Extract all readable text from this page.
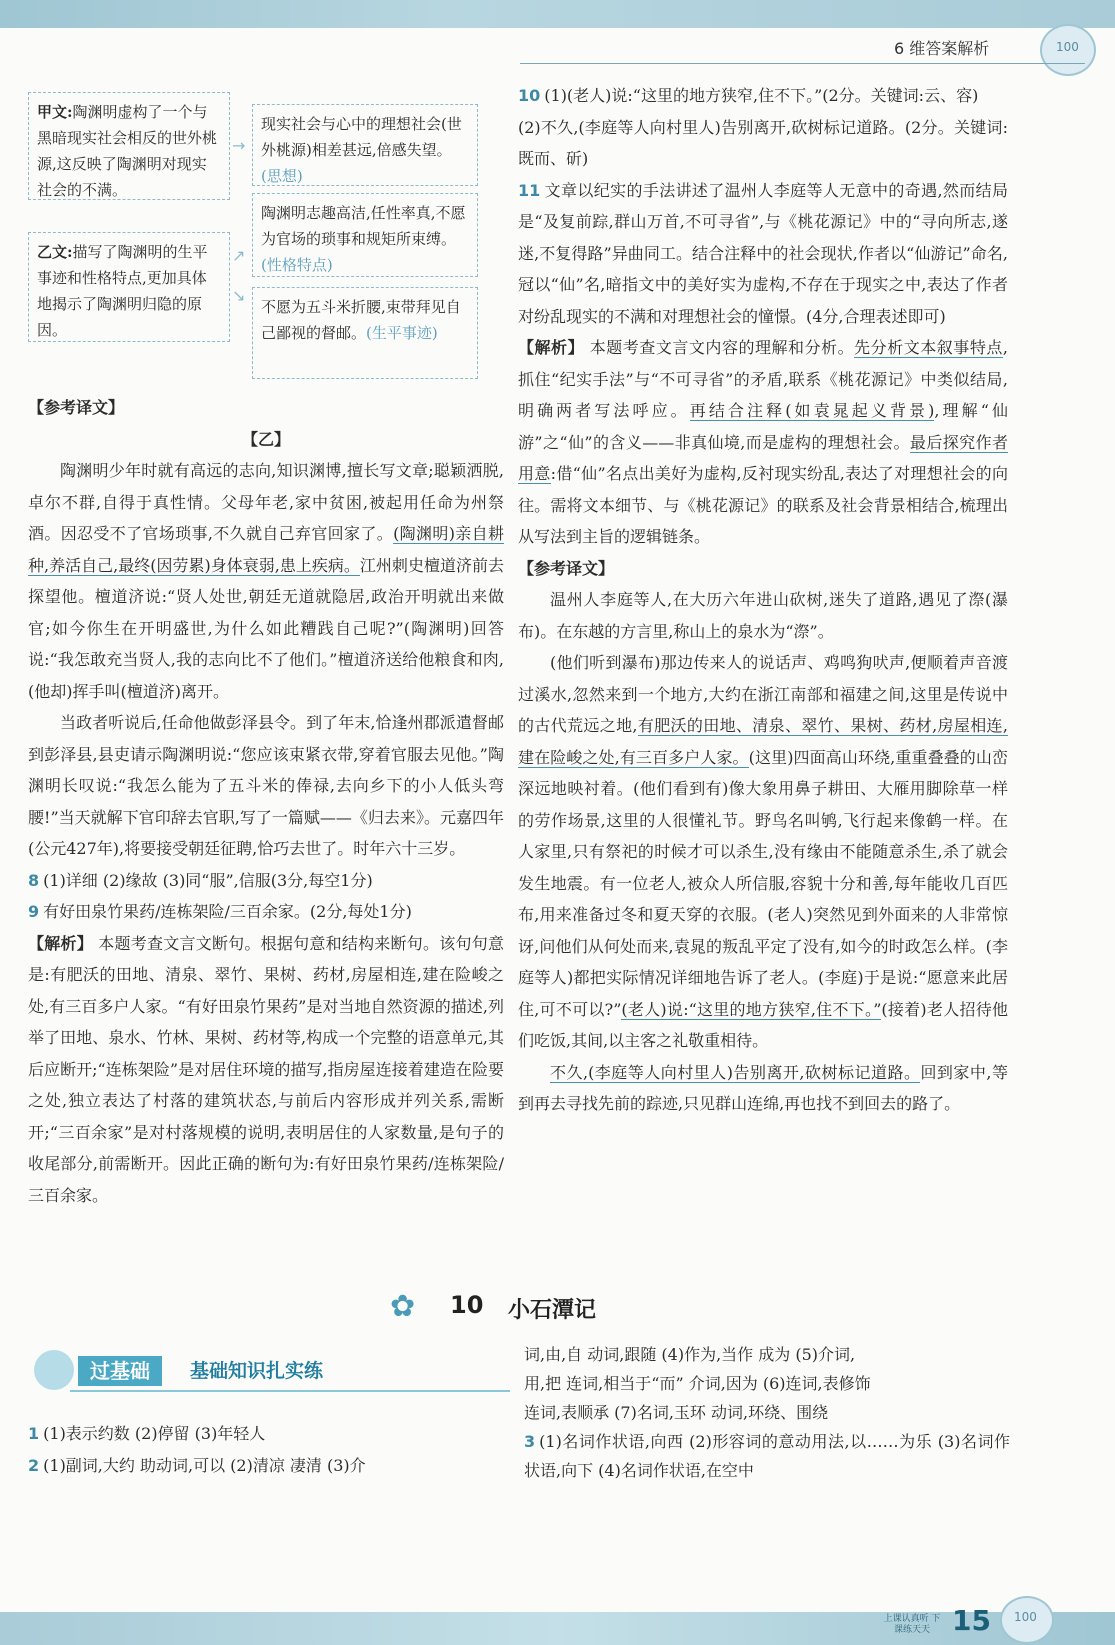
6 维答案解析	100
甲文:陶渊明虚构了一个与黑暗现实社会相反的世外桃源,这反映了陶渊明对现实社会的不满。
乙文:描写了陶渊明的生平事迹和性格特点,更加具体地揭示了陶渊明归隐的原因。
→
↗
↘
现实社会与心中的理想社会(世外桃源)相差甚远,倍感失望。(思想)
陶渊明志趣高洁,任性率真,不愿为官场的琐事和规矩所束缚。(性格特点)
不愿为五斗米折腰,束带拜见自己鄙视的督邮。(生平事迹)

【参考译文】

【乙】

陶渊明少年时就有高远的志向,知识渊博,擅长写文章;聪颖洒脱,卓尔不群,自得于真性情。父母年老,家中贫困,被起用任命为州祭酒。因忍受不了官场琐事,不久就自己弃官回家了。(陶渊明)亲自耕种,养活自己,最终(因劳累)身体衰弱,患上疾病。江州刺史檀道济前去探望他。檀道济说:“贤人处世,朝廷无道就隐居,政治开明就出来做官;如今你生在开明盛世,为什么如此糟践自己呢?”(陶渊明)回答说:“我怎敢充当贤人,我的志向比不了他们。”檀道济送给他粮食和肉,(他却)挥手叫(檀道济)离开。

当政者听说后,任命他做彭泽县令。到了年末,恰逢州郡派遣督邮到彭泽县,县吏请示陶渊明说:“您应该束紧衣带,穿着官服去见他。”陶渊明长叹说:“我怎么能为了五斗米的俸禄,去向乡下的小人低头弯腰!”当天就解下官印辞去官职,写了一篇赋——《归去来》。元嘉四年(公元427年),将要接受朝廷征聘,恰巧去世了。时年六十三岁。

8 (1)详细 (2)缘故 (3)同“服”,信服(3分,每空1分)

9 有好田泉竹果药/连栋架险/三百余家。(2分,每处1分)

【解析】 本题考查文言文断句。根据句意和结构来断句。该句句意是:有肥沃的田地、清泉、翠竹、果树、药材,房屋相连,建在险峻之处,有三百多户人家。“有好田泉竹果药”是对当地自然资源的描述,列举了田地、泉水、竹林、果树、药材等,构成一个完整的语意单元,其后应断开;“连栋架险”是对居住环境的描写,指房屋连接着建造在险要之处,独立表达了村落的建筑状态,与前后内容形成并列关系,需断开;“三百余家”是对村落规模的说明,表明居住的人家数量,是句子的收尾部分,前需断开。因此正确的断句为:有好田泉竹果药/连栋架险/三百余家。

10 (1)(老人)说:“这里的地方狭窄,住不下。”(2分。关键词:云、容)

(2)不久,(李庭等人向村里人)告别离开,砍树标记道路。(2分。关键词:既而、斫)

11 文章以纪实的手法讲述了温州人李庭等人无意中的奇遇,然而结局是“及复前踪,群山万首,不可寻省”,与《桃花源记》中的“寻向所志,遂迷,不复得路”异曲同工。结合注释中的社会现状,作者以“仙游记”命名,冠以“仙”名,暗指文中的美好实为虚构,不存在于现实之中,表达了作者对纷乱现实的不满和对理想社会的憧憬。(4分,合理表述即可)

【解析】 本题考查文言文内容的理解和分析。先分析文本叙事特点,抓住“纪实手法”与“不可寻省”的矛盾,联系《桃花源记》中类似结局,明确两者写法呼应。再结合注释(如袁晁起义背景),理解“仙游”之“仙”的含义——非真仙境,而是虚构的理想社会。最后探究作者用意:借“仙”名点出美好为虚构,反衬现实纷乱,表达了对理想社会的向往。需将文本细节、与《桃花源记》的联系及社会背景相结合,梳理出从写法到主旨的逻辑链条。

【参考译文】

温州人李庭等人,在大历六年进山砍树,迷失了道路,遇见了漈(瀑布)。在东越的方言里,称山上的泉水为“漈”。

(他们听到瀑布)那边传来人的说话声、鸡鸣狗吠声,便顺着声音渡过溪水,忽然来到一个地方,大约在浙江南部和福建之间,这里是传说中的古代荒远之地,有肥沃的田地、清泉、翠竹、果树、药材,房屋相连,建在险峻之处,有三百多户人家。(这里)四面高山环绕,重重叠叠的山峦深远地映衬着。(他们看到有)像大象用鼻子耕田、大雁用脚除草一样的劳作场景,这里的人很懂礼节。野鸟名叫鸲,飞行起来像鹤一样。在人家里,只有祭祀的时候才可以杀生,没有缘由不能随意杀生,杀了就会发生地震。有一位老人,被众人所信服,容貌十分和善,每年能收几百匹布,用来准备过冬和夏天穿的衣服。(老人)突然见到外面来的人非常惊讶,问他们从何处而来,袁晁的叛乱平定了没有,如今的时政怎么样。(李庭等人)都把实际情况详细地告诉了老人。(李庭)于是说:“愿意来此居住,可不可以?”(老人)说:“这里的地方狭窄,住不下。”(接着)老人招待他们吃饭,其间,以主客之礼敬重相待。

不久,(李庭等人向村里人)告别离开,砍树标记道路。回到家中,等到再去寻找先前的踪迹,只见群山连绵,再也找不到回去的路了。

✿ 10 小石潭记
过基础	基础知识扎实练

1 (1)表示约数 (2)停留 (3)年轻人

2 (1)副词,大约 助动词,可以 (2)清凉 凄清 (3)介

词,由,自 动词,跟随 (4)作为,当作 成为 (5)介词,

用,把 连词,相当于“而” 介词,因为 (6)连词,表修饰

连词,表顺承 (7)名词,玉环 动词,环绕、围绕

3 (1)名词作状语,向西 (2)形容词的意动用法,以……为乐 (3)名词作状语,向下 (4)名词作状语,在空中

上课认真听 下课练天天 15 100
